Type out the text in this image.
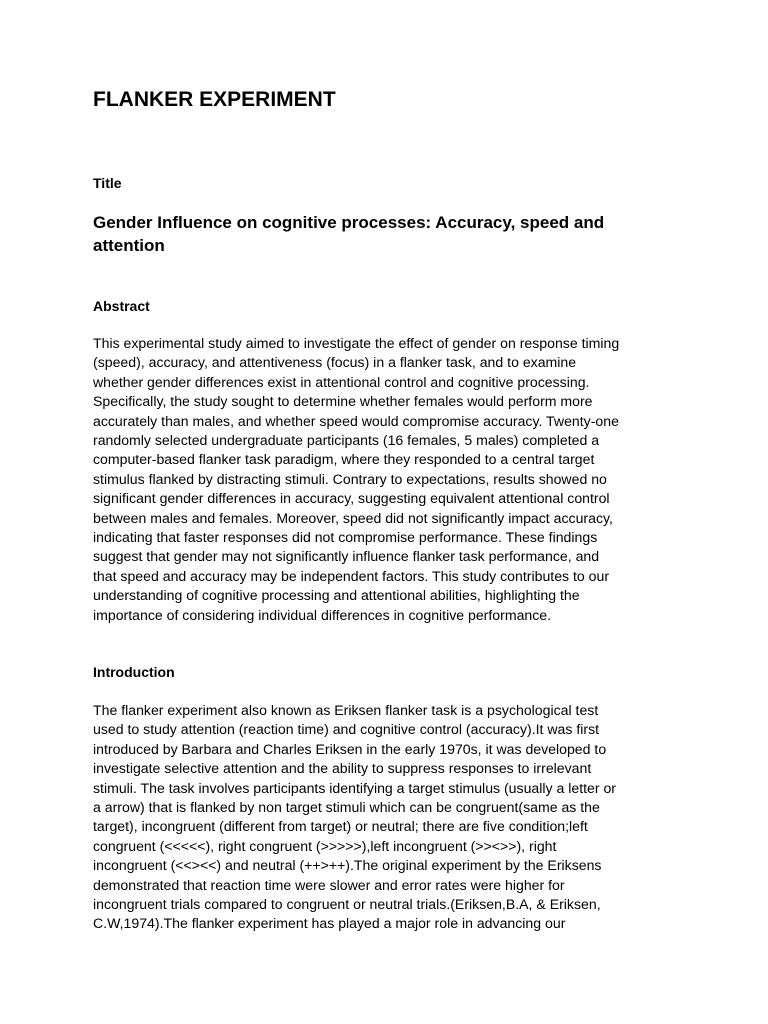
FLANKER EXPERIMENT
Title
Gender Influence on cognitive processes: Accuracy, speed and attention
Abstract

This experimental study aimed to investigate the effect of gender on response timing
(speed), accuracy, and attentiveness (focus) in a flanker task, and to examine
whether gender differences exist in attentional control and cognitive processing.
Specifically, the study sought to determine whether females would perform more
accurately than males, and whether speed would compromise accuracy. Twenty-one
randomly selected undergraduate participants (16 females, 5 males) completed a
computer-based flanker task paradigm, where they responded to a central target
stimulus flanked by distracting stimuli. Contrary to expectations, results showed no
significant gender differences in accuracy, suggesting equivalent attentional control
between males and females. Moreover, speed did not significantly impact accuracy,
indicating that faster responses did not compromise performance. These findings
suggest that gender may not significantly influence flanker task performance, and
that speed and accuracy may be independent factors. This study contributes to our
understanding of cognitive processing and attentional abilities, highlighting the
importance of considering individual differences in cognitive performance.

Introduction

The flanker experiment also known as Eriksen flanker task is a psychological test
used to study attention (reaction time) and cognitive control (accuracy).It was first
introduced by Barbara and Charles Eriksen in the early 1970s, it was developed to
investigate selective attention and the ability to suppress responses to irrelevant
stimuli. The task involves participants identifying a target stimulus (usually a letter or
a arrow) that is flanked by non target stimuli which can be congruent(same as the
target), incongruent (different from target) or neutral; there are five condition;left
congruent (<<<<<), right congruent (>>>>>),left incongruent (>><>>), right
incongruent (<<><<) and neutral (++>++).The original experiment by the Eriksens
demonstrated that reaction time were slower and error rates were higher for
incongruent trials compared to congruent or neutral trials.(Eriksen,B.A, & Eriksen,
C.W,1974).The flanker experiment has played a major role in advancing our
